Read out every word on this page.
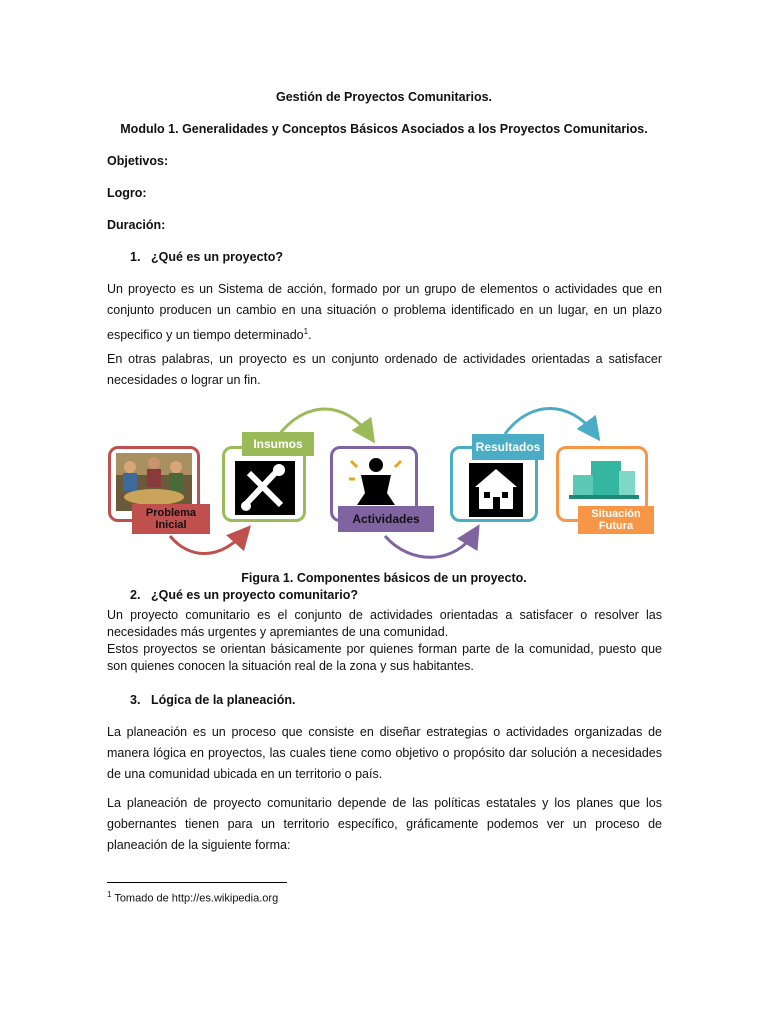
Gestión de Proyectos Comunitarios.
Modulo 1. Generalidades y Conceptos Básicos Asociados a los Proyectos Comunitarios.
Objetivos:
Logro:
Duración:
1. ¿Qué es un proyecto?
Un proyecto es un Sistema de acción, formado por un grupo de elementos o actividades que en conjunto producen un cambio en una situación o problema identificado en un lugar, en un plazo especifico y un tiempo determinado$^1$.
En otras palabras, un proyecto es un conjunto ordenado de actividades orientadas a satisfacer necesidades o lograr un fin.
Problema Inicial
Insumos
Actividades
Resultados
Situación Futura
Figura 1. Componentes básicos de un proyecto.
2. ¿Qué es un proyecto comunitario?
Un proyecto comunitario es el conjunto de actividades orientadas a satisfacer o resolver las necesidades más urgentes y apremiantes de una comunidad.
Estos proyectos se orientan básicamente por quienes forman parte de la comunidad, puesto que son quienes conocen la situación real de la zona y sus habitantes.
3. Lógica de la planeación.
La planeación es un proceso que consiste en diseñar estrategias o actividades organizadas de manera lógica en proyectos, las cuales tiene como objetivo o propósito dar solución a necesidades de una comunidad ubicada en un territorio o país.
La planeación de proyecto comunitario depende de las políticas estatales y los planes que los gobernantes tienen para un territorio específico, gráficamente podemos ver un proceso de planeación de la siguiente forma:
$^1$ Tomado de http://es.wikipedia.org
